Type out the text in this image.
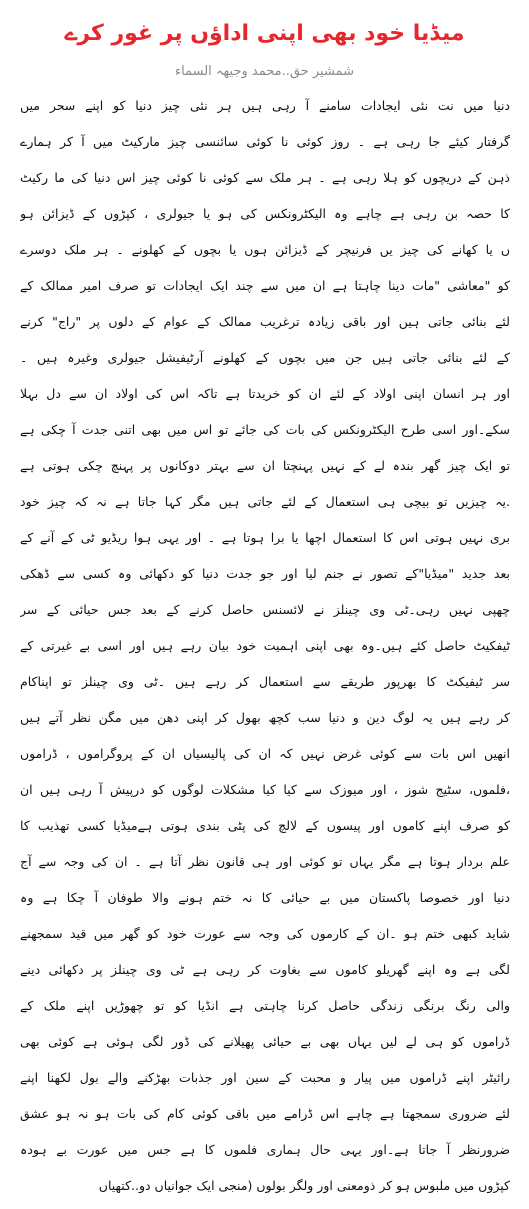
میڈیا خود بھی اپنی اداؤں پر غور کرے
شمشیر حق..محمد وجیھہ السماء
دنیا میں نت نئی ایجادات سامنے آ رہی ہیں ہر نئی چیز دنیا کو اپنے سحر میں
گرفتار کیئے جا رہی ہے ۔ روز کوئی نا کوئی سائنسی چیز مارکیٹ میں آ کر ہمارے
ذہن کے دریچوں کو ہلا رہی ہے ۔ ہر ملک سے کوئی نا کوئی چیز اس دنیا کی ما رکیٹ
کا حصہ بن رہی ہے چاہے وہ الیکٹرونکس کی ہو یا جیولری ، کپڑوں کے ڈیزائن ہو
ں یا کھانے کی چیز یں فرنیچر کے ڈیزائن ہوں یا بچوں کے کھلونے ۔ ہر ملک دوسرے
کو "معاشی "مات دینا چاہتا ہے ان میں سے چند ایک ایجادات تو صرف امیر ممالک کے
لئے بنائی جاتی ہیں اور باقی زیادہ ترغریب ممالک کے عوام کے دلوں پر "راج" کرنے
کے لئے بنائی جاتی ہیں جن میں بچوں کے کھلونے آرٹیفیشل جیولری وغیرہ ہیں ۔
اور ہر انسان اپنی اولاد کے لئے ان کو خریدتا ہے تاکہ اس کی اولاد ان سے دل بہلا
سکے۔اور اسی طرح الیکٹرونکس کی بات کی جائے تو اس میں بھی اتنی جدت آ چکی ہے
تو ایک چیز گھر بندہ لے کے نہیں پہنچتا ان سے بہتر دوکانوں پر پہنچ چکی ہوتی ہے
.یہ چیزیں تو بیچی ہی استعمال کے لئے جاتی ہیں مگر کہا جاتا ہے نہ کہ چیز خود
بری نہیں ہوتی اس کا استعمال اچھا یا برا ہوتا ہے ۔ اور یہی ہوا ریڈیو ٹی کے آنے کے
بعد جدید "میڈیا"کے تصور نے جنم لیا اور جو جدت دنیا کو دکھائی وہ کسی سے ڈھکی
چھپی نہیں رہی۔ٹی وی چینلز نے لائسنس حاصل کرنے کے بعد جس حیائی کے سر
ٹیفکیٹ حاصل کئے ہیں۔وہ بھی اپنی اہمیت خود بیان رہے ہیں اور اسی بے غیرتی کے
سر ٹیفیکٹ کا بھرپور طریقے سے استعمال کر رہے ہیں ۔ٹی وی چینلز تو اپناکام
کر رہے ہیں یہ لوگ دین و دنیا سب کچھ بھول کر اپنی دھن میں مگن نظر آتے ہیں
انھیں اس بات سے کوئی غرض نہیں کہ ان کی پالیسیاں ان کے پروگراموں ، ڈراموں
،فلموں، سٹیج شوز ، اور میوزک سے کیا کیا مشکلات لوگوں کو درپیش آ رہی ہیں ان
کو صرف اپنے کاموں اور پیسوں کے لالچ کی پٹی بندی ہوتی ہےمیڈیا کسی تھذیب کا
علم بردار ہوتا ہے مگر یہاں تو کوئی اور ہی قانون نظر آتا ہے ۔ ان کی وجہ سے آج
دنیا اور خصوصا پاکستان میں بے حیائی کا نہ ختم ہونے والا طوفان آ چکا ہے وہ
شاید کبھی ختم ہو ۔ان کے کارموں کی وجہ سے عورت خود کو گھر میں قید سمجھنے
لگی ہے وہ اپنے گھریلو کاموں سے بغاوت کر رہی ہے ٹی وی چینلز پر دکھائی دینے
والی رنگ برنگی زندگی حاصل کرنا چاہتی ہے انڈیا کو تو چھوڑیں اپنے ملک کے
ڈراموں کو ہی لے لیں یہاں بھی بے حیائی پھیلانے کی ڈور لگی ہوئی ہے کوئی بھی
رائیٹر اپنے ڈراموں میں پیار و محبت کے سین اور جذبات بھڑکنے والے بول لکھنا اپنے
لئے ضروری سمجھتا ہے چاہے اس ڈرامے میں باقی کوئی کام کی بات ہو نہ ہو عشق
ضرورنظر آ جاتا ہے۔اور یہی حال ہماری فلموں کا ہے جس میں عورت بے ہودہ
کپڑوں میں ملبوس ہو کر ذومعنی اور ولگر بولوں (منجی ایک جوانیاں دو..کتھیاں
